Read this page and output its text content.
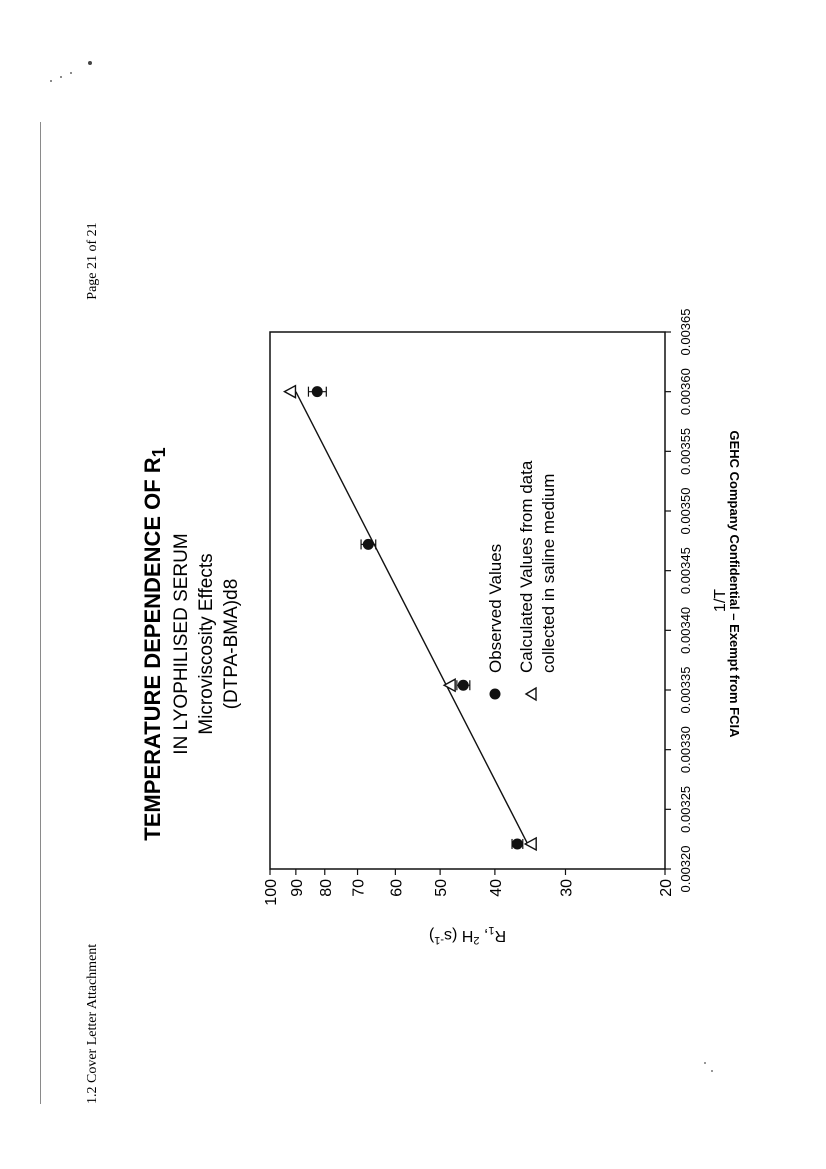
1.2 Cover Letter Attachment
Page 21 of 21
TEMPERATURE DEPENDENCE OF $R_1$
IN LYOPHILISED SERUM Microviscosity Effects (DTPA-BMA)d8
20
30
40
50
60
70
80
90
100	0.00320
0.00325
0.00330
0.00335
0.00340
0.00345
0.00350
0.00355
0.00360
0.00365
$R_1$, $^2$H $(s^{-1})$
1/T
Observed Values Calculated Values from data collected in saline medium	GEHC Company Confidential – Exempt from FCIA
